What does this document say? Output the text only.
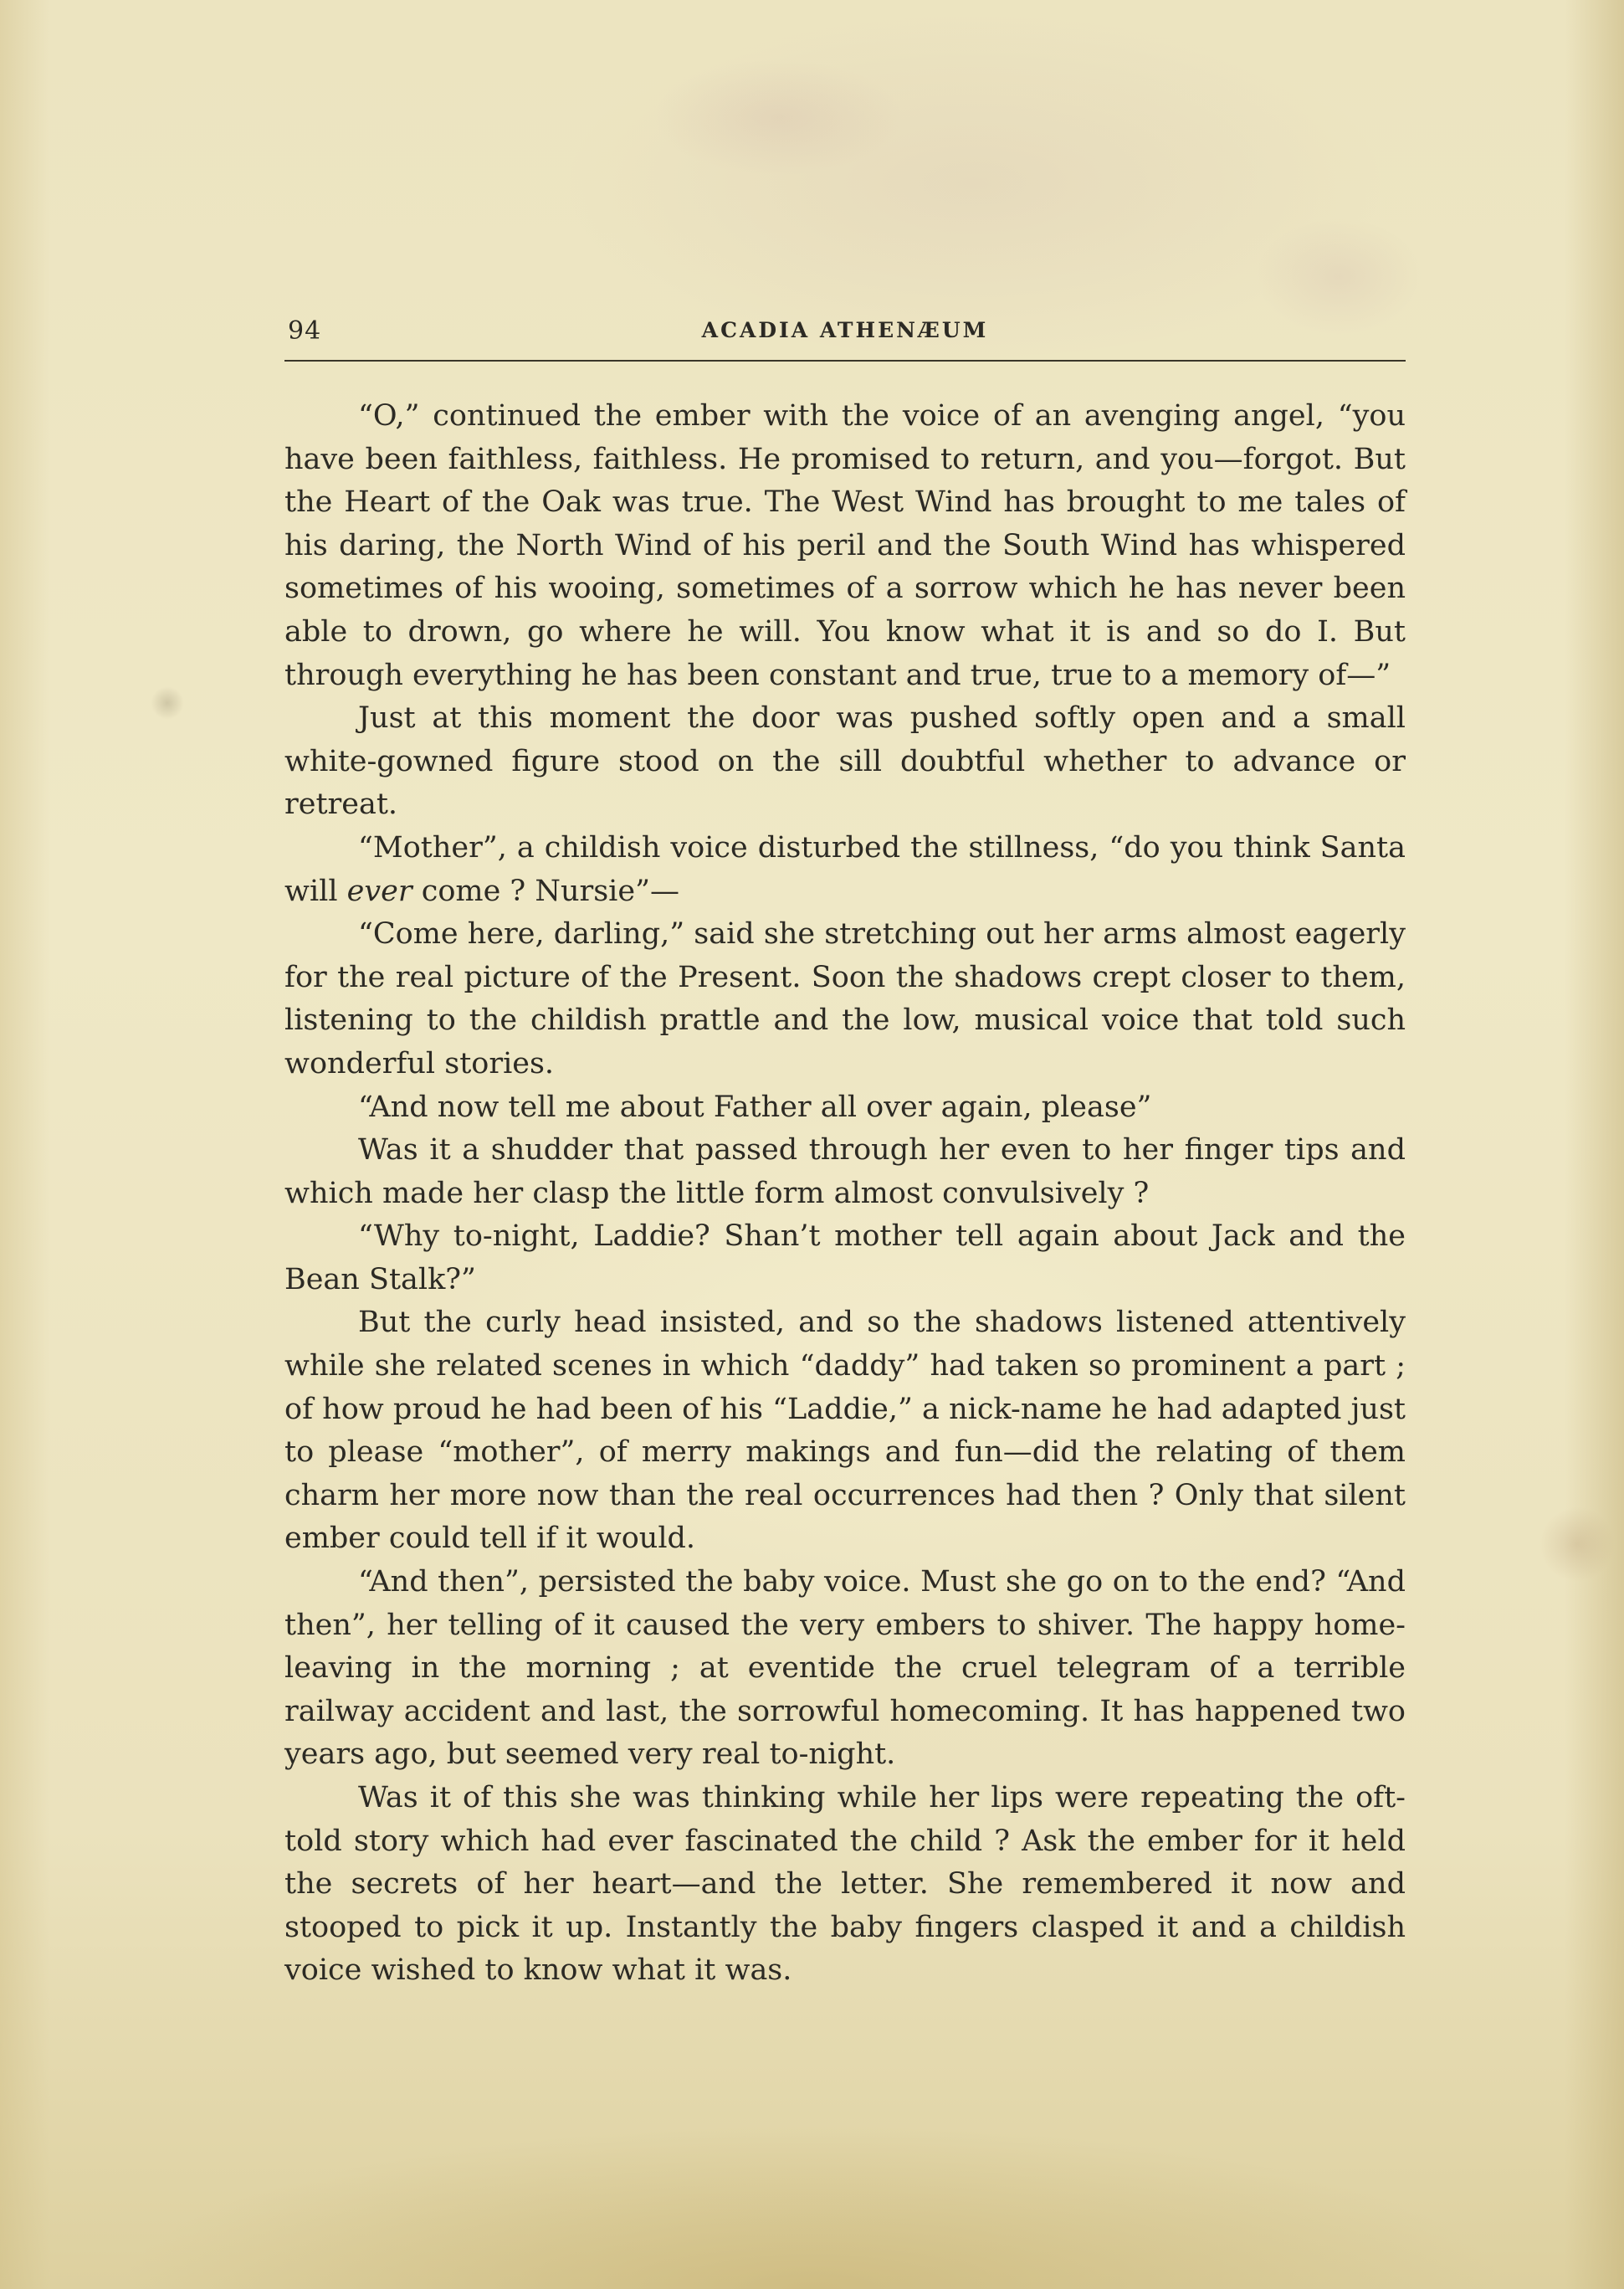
94	ACADIA ATHENÆUM

“O,” continued the ember with the voice of an avenging angel, “you have been faithless, faithless. He promised to return, and you—forgot. But the Heart of the Oak was true. The West Wind has brought to me tales of his daring, the North Wind of his peril and the South Wind has whispered sometimes of his wooing, sometimes of a sorrow which he has never been able to drown, go where he will. You know what it is and so do I. But through everything he has been constant and true, true to a memory of—”

Just at this moment the door was pushed softly open and a small white-gowned figure stood on the sill doubtful whether to advance or retreat.

“Mother”, a childish voice disturbed the stillness, “do you think Santa will ever come ? Nursie”—

“Come here, darling,” said she stretching out her arms almost eagerly for the real picture of the Present. Soon the shadows crept closer to them, listening to the childish prattle and the low, musical voice that told such wonderful stories.

“And now tell me about Father all over again, please”

Was it a shudder that passed through her even to her finger tips and which made her clasp the little form almost convulsively ?

“Why to-night, Laddie? Shan’t mother tell again about Jack and the Bean Stalk?”

But the curly head insisted, and so the shadows listened attentively while she related scenes in which “daddy” had taken so prominent a part ; of how proud he had been of his “Laddie,” a nick-name he had adapted just to please “mother”, of merry makings and fun—did the relating of them charm her more now than the real occurrences had then ? Only that silent ember could tell if it would.

“And then”, persisted the baby voice. Must she go on to the end? “And then”, her telling of it caused the very embers to shiver. The happy home-leaving in the morning ; at eventide the cruel telegram of a terrible railway accident and last, the sorrowful homecoming. It has happened two years ago, but seemed very real to-night.

Was it of this she was thinking while her lips were repeating the oft-told story which had ever fascinated the child ? Ask the ember for it held the secrets of her heart—and the letter. She remembered it now and stooped to pick it up. Instantly the baby fingers clasped it and a childish voice wished to know what it was.
